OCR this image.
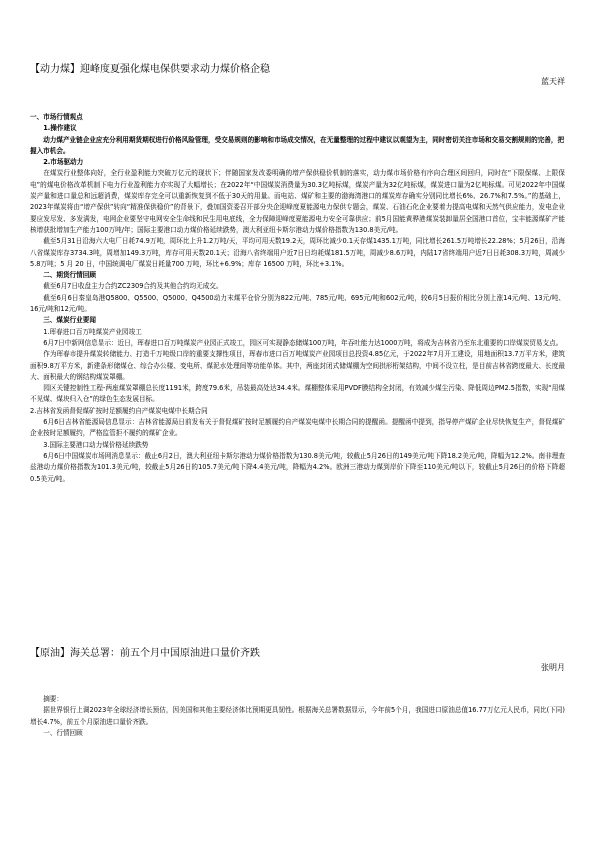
【动力煤】迎峰度夏强化煤电保供要求动力煤价格企稳
蓝天祥

一、市场行情观点

1.操作建议

动力煤产业链企业应充分利用期货期权进行价格风险管理，受交易规则的影响和市场成交情况，在无量整理的过程中建议以观望为主，同时密切关注市场和交易交割规则的完善，把握入市机会。

2.市场驱动力

在煤炭行业整体向好，全行业盈利能力突破万亿元的现状下；伴随国家发改委明确的增产保供稳价机制的落实，动力煤市场价格有序向合理区间回归，同时在“下限保煤、上限保电”的煤电价格改革机制下电力行业盈利能力亦实现了大幅增长；在2022年“中国煤炭消费量为30.3亿吨标煤，煤炭产量为32亿吨标煤，煤炭进口量为2亿吨标煤。可见2022年中国煤炭产量和进口量总和远超消费，煤炭库存完全可以重新恢复到不低于30天的用量。而电站、煤矿和主要的渤海湾港口的煤炭库存确实分别同比增长6%、26.7%和7.5%。”的基础上，2023年煤炭将由“增产保供”转向“精准保供稳价”的背景下，叠加国资委召开部分央企迎峰度夏能源电力保供专题会，煤炭、石油石化企业要着力提高电煤和天然气供应能力，发电企业要应发尽发、多发满发，电网企业要坚守电网安全生命线和民生用电底线，全力保障迎峰度夏能源电力安全可靠供应；前5月国能黄骅港煤炭装卸量居全国港口首位，宝丰能源煤矿产能核增获批增加生产能力100万吨/年；国际主要港口动力煤价格延续跌势，澳大利亚纽卡斯尔港动力煤价格指数为130.8美元/吨。

截至5月31日沿海六大电厂日耗74.9万吨，周环比上升1.2万吨/天，平均可用天数19.2天，周环比减少0.1天存煤1435.1万吨，同比增长261.5万吨增长22.28%；5月26日，沿海八省煤炭库存3734.3吨，周增加149.3万吨，库存可用天数20.1天；沿海八省终端用户近7日日均耗煤181.5万吨，周减少8.6万吨，内陆17省终端用户近7日日耗308.3万吨，周减少5.8万吨；5 月 20 日，中国统调电厂煤炭日耗量700 万吨，环比+6.9%；库存 16500 万吨，环比+3.1%。

二、期货行情回顾

截至6月7日收盘主力合约ZC2309合约及其他合约均无成交。

截至6月6日秦皇岛港Q5800、Q5500、Q5000、Q4500动力末煤平仓价分别为822元/吨、785元/吨、695元/吨和602元/吨，较6月5日报价相比分别上涨14元/吨、13元/吨、16元/吨和12元/吨。

三、煤炭行业要闻

1.珲春进口百万吨煤炭产业园竣工

6月7日中新网信息显示：近日，珲春进口百万吨煤炭产业园正式竣工，园区可实现静态储煤100万吨，年吞吐能力达1000万吨，将成为吉林省乃至东北重要的口岸煤炭贸易支点。

作为珲春市提升煤炭转储能力、打造千万吨级口岸的重要支撑性项目，珲春市进口百万吨煤炭产业园项目总投资4.85亿元，于2022年7月开工建设，用地面积13.7万平方米，建筑面积9.8万平方米，新建条形储煤仓、综合办公楼、变电所、煤泥水处理间等功能单体。其中，两座封闭式储煤棚为空间拱形桁架结构，中间不设立柱，是目前吉林省跨度最大、长度最大、面积最大的钢结构煤炭罩棚。

园区关键控制性工程-两座煤炭罩棚总长度1191米，跨度79.6米，吊装最高处达34.4米。煤棚整体采用PVDF膜结构全封闭，有效减少煤尘污染、降低周边PM2.5指数，实现“用煤不见煤、煤块归入仓”的绿色生态发展目标。

2.吉林省发函督促煤矿按时足额履约自产煤炭电煤中长期合同

6月6日吉林省能源局信息显示：吉林省能源局日前发布关于督促煤矿按时足额履约自产煤炭电煤中长期合同的提醒函。提醒函中提到，指导停产煤矿企业尽快恢复生产，督促煤矿企业按时足额履约，严格监管拒不履约的煤矿企业。

3.国际主要港口动力煤价格延续跌势

6月6日中国煤炭市场网消息显示：截止6月2日，澳大利亚纽卡斯尔港动力煤价格指数为130.8美元/吨，较截止5月26日的149美元/吨下降18.2美元/吨，降幅为12.2%。南非理查兹港动力煤价格指数为101.3美元/吨，较截止5月26日的105.7美元/吨下降4.4美元/吨，降幅为4.2%。欧洲三港动力煤到岸价下降至110美元/吨以下，较截止5月26日的价格下降超0.5美元/吨。

【原油】海关总署：前五个月中国原油进口量价齐跌
张明月

摘要：

据世界银行上调2023年全球经济增长预估，因美国和其他主要经济体比预期更具韧性。根据海关总署数据显示，今年前5个月，我国进口原油总值16.77万亿元人民币，同比(下同)增长4.7%，前五个月原油进口量价齐跌。

一、行情回顾
